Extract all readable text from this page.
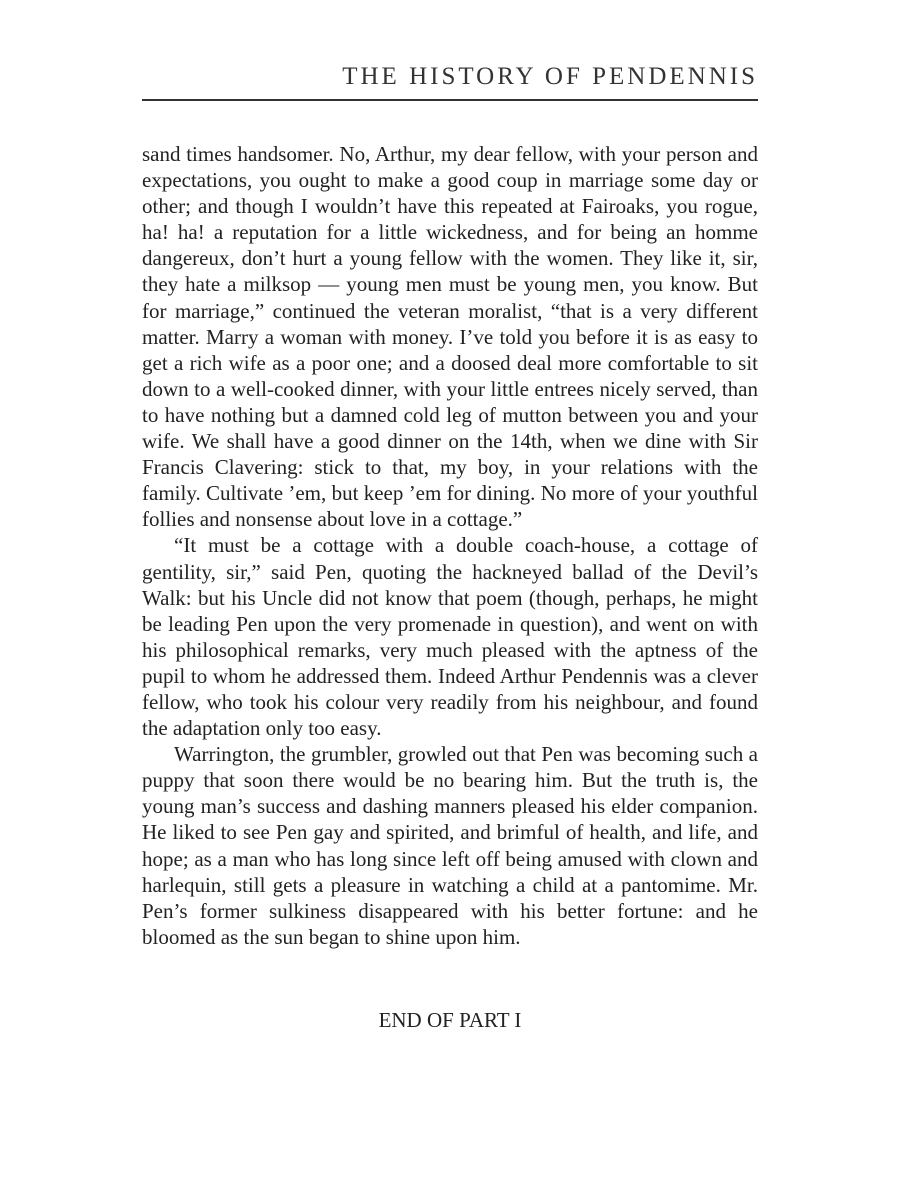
THE HISTORY OF PENDENNIS

sand times handsomer. No, Arthur, my dear fellow, with your person and expectations, you ought to make a good coup in marriage some day or other; and though I wouldn’t have this repeated at Fairoaks, you rogue, ha! ha! a reputation for a little wickedness, and for being an homme dangereux, don’t hurt a young fellow with the women. They like it, sir, they hate a milksop — young men must be young men, you know. But for marriage,” continued the veteran moralist, “that is a very different matter. Marry a woman with money. I’ve told you before it is as easy to get a rich wife as a poor one; and a doosed deal more comfortable to sit down to a well-cooked dinner, with your little entrees nicely served, than to have nothing but a damned cold leg of mutton between you and your wife. We shall have a good dinner on the 14th, when we dine with Sir Francis Clavering: stick to that, my boy, in your relations with the family. Cultivate ’em, but keep ’em for dining. No more of your youthful follies and nonsense about love in a cottage.”

“It must be a cottage with a double coach-house, a cottage of gentility, sir,” said Pen, quoting the hackneyed ballad of the Devil’s Walk: but his Uncle did not know that poem (though, perhaps, he might be leading Pen upon the very promenade in question), and went on with his philosophical remarks, very much pleased with the aptness of the pupil to whom he addressed them. Indeed Arthur Pendennis was a clever fellow, who took his colour very readily from his neighbour, and found the adaptation only too easy.

Warrington, the grumbler, growled out that Pen was becoming such a puppy that soon there would be no bearing him. But the truth is, the young man’s success and dashing manners pleased his elder companion. He liked to see Pen gay and spirited, and brimful of health, and life, and hope; as a man who has long since left off being amused with clown and harlequin, still gets a pleasure in watching a child at a pantomime. Mr. Pen’s former sulkiness disappeared with his better fortune: and he bloomed as the sun began to shine upon him.

END OF PART I
